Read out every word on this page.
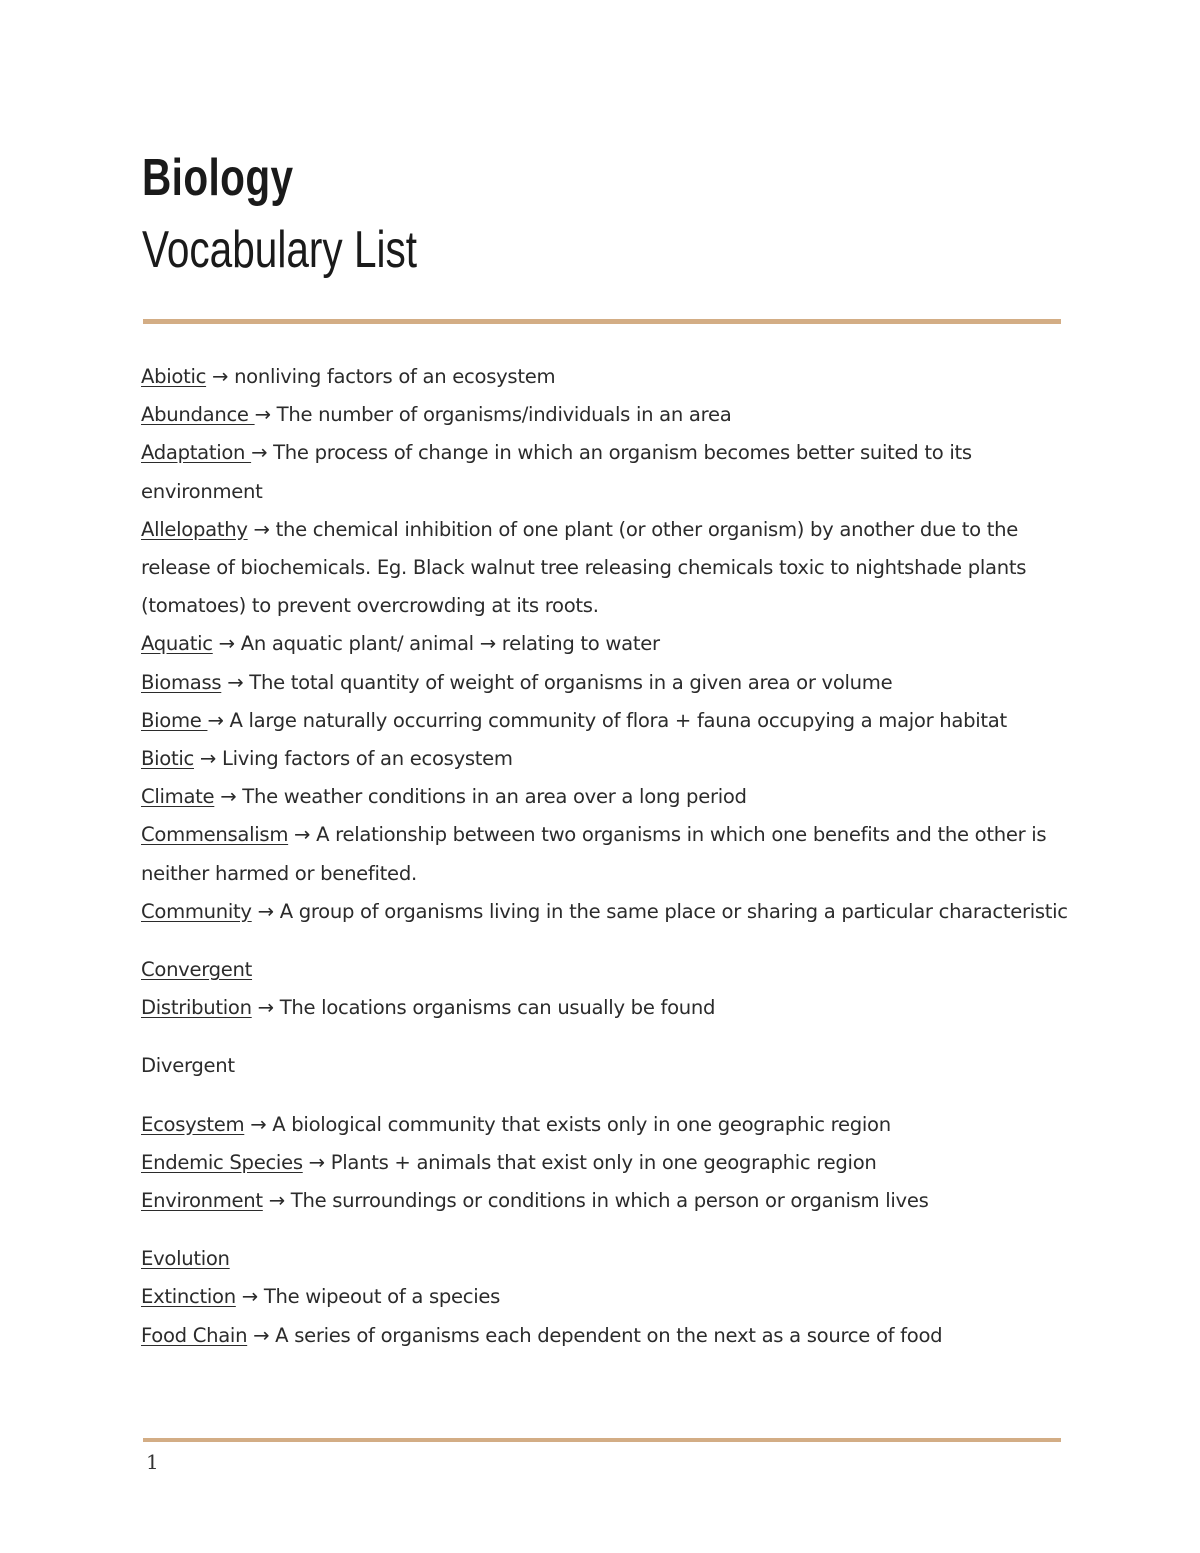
Biology
Vocabulary List

Abiotic → nonliving factors of an ecosystem

Abundance → The number of organisms/individuals in an area

Adaptation → The process of change in which an organism becomes better suited to its environment

Allelopathy → the chemical inhibition of one plant (or other organism) by another due to the release of biochemicals. Eg. Black walnut tree releasing chemicals toxic to nightshade plants (tomatoes) to prevent overcrowding at its roots.

Aquatic → An aquatic plant/ animal → relating to water

Biomass → The total quantity of weight of organisms in a given area or volume

Biome → A large naturally occurring community of flora + fauna occupying a major habitat

Biotic → Living factors of an ecosystem

Climate → The weather conditions in an area over a long period

Commensalism → A relationship between two organisms in which one benefits and the other is neither harmed or benefited.

Community → A group of organisms living in the same place or sharing a particular characteristic

Convergent

Distribution → The locations organisms can usually be found

Divergent

Ecosystem → A biological community that exists only in one geographic region

Endemic Species → Plants + animals that exist only in one geographic region

Environment → The surroundings or conditions in which a person or organism lives

Evolution

Extinction → The wipeout of a species

Food Chain → A series of organisms each dependent on the next as a source of food

1
